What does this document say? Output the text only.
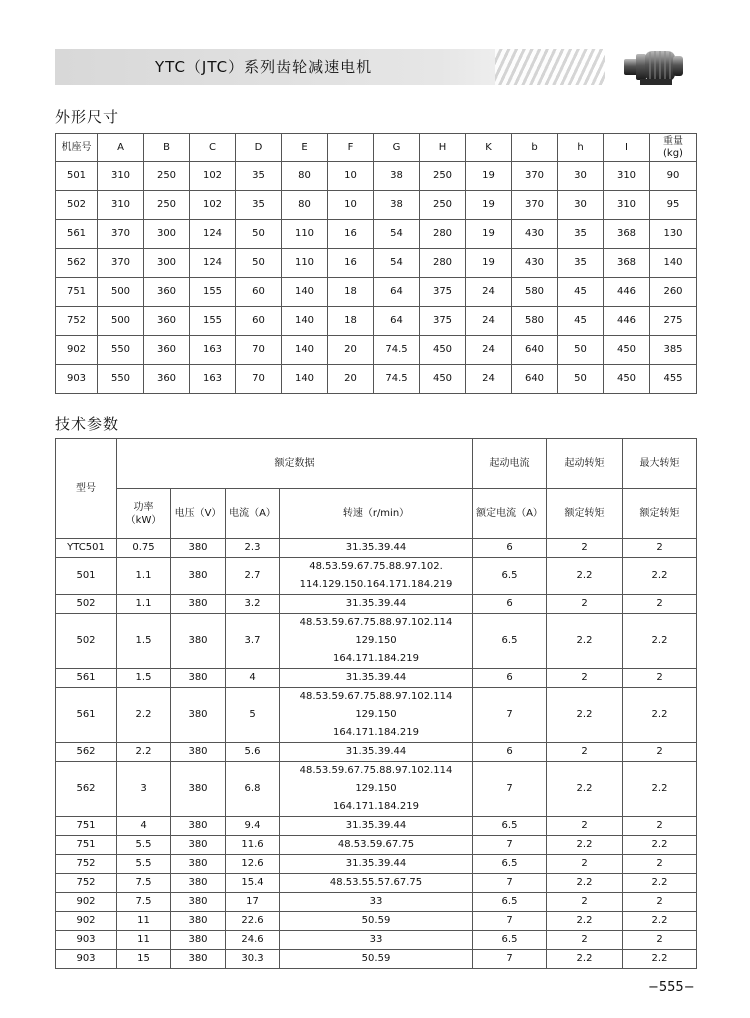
YTC（JTC）系列齿轮减速电机
外形尺寸
机座号	A	B	C	D	E	F	G	H	K	b	h	I	重量
(kg)
501	310	250	102	35	80	10	38	250	19	370	30	310	90
502	310	250	102	35	80	10	38	250	19	370	30	310	95
561	370	300	124	50	110	16	54	280	19	430	35	368	130
562	370	300	124	50	110	16	54	280	19	430	35	368	140
751	500	360	155	60	140	18	64	375	24	580	45	446	260
752	500	360	155	60	140	18	64	375	24	580	45	446	275
902	550	360	163	70	140	20	74.5	450	24	640	50	450	385
903	550	360	163	70	140	20	74.5	450	24	640	50	450	455
技术参数
型号	额定数据				起动电流	起动转矩	最大转矩
	功率
（kW）	电压（V）	电流（A）	转速（r/min）	额定电流（A）	额定转矩	额定转矩
YTC501	0.75	380	2.3	31.35.39.44	6	2	2
501	1.1	380	2.7	48.53.59.67.75.88.97.102.
114.129.150.164.171.184.219	6.5	2.2	2.2
502	1.1	380	3.2	31.35.39.44	6	2	2
502	1.5	380	3.7	48.53.59.67.75.88.97.102.114
129.150
164.171.184.219	6.5	2.2	2.2
561	1.5	380	4	31.35.39.44	6	2	2
561	2.2	380	5	48.53.59.67.75.88.97.102.114
129.150
164.171.184.219	7	2.2	2.2
562	2.2	380	5.6	31.35.39.44	6	2	2
562	3	380	6.8	48.53.59.67.75.88.97.102.114
129.150
164.171.184.219	7	2.2	2.2
751	4	380	9.4	31.35.39.44	6.5	2	2
751	5.5	380	11.6	48.53.59.67.75	7	2.2	2.2
752	5.5	380	12.6	31.35.39.44	6.5	2	2
752	7.5	380	15.4	48.53.55.57.67.75	7	2.2	2.2
902	7.5	380	17	33	6.5	2	2
902	11	380	22.6	50.59	7	2.2	2.2
903	11	380	24.6	33	6.5	2	2
903	15	380	30.3	50.59	7	2.2	2.2
−555−
